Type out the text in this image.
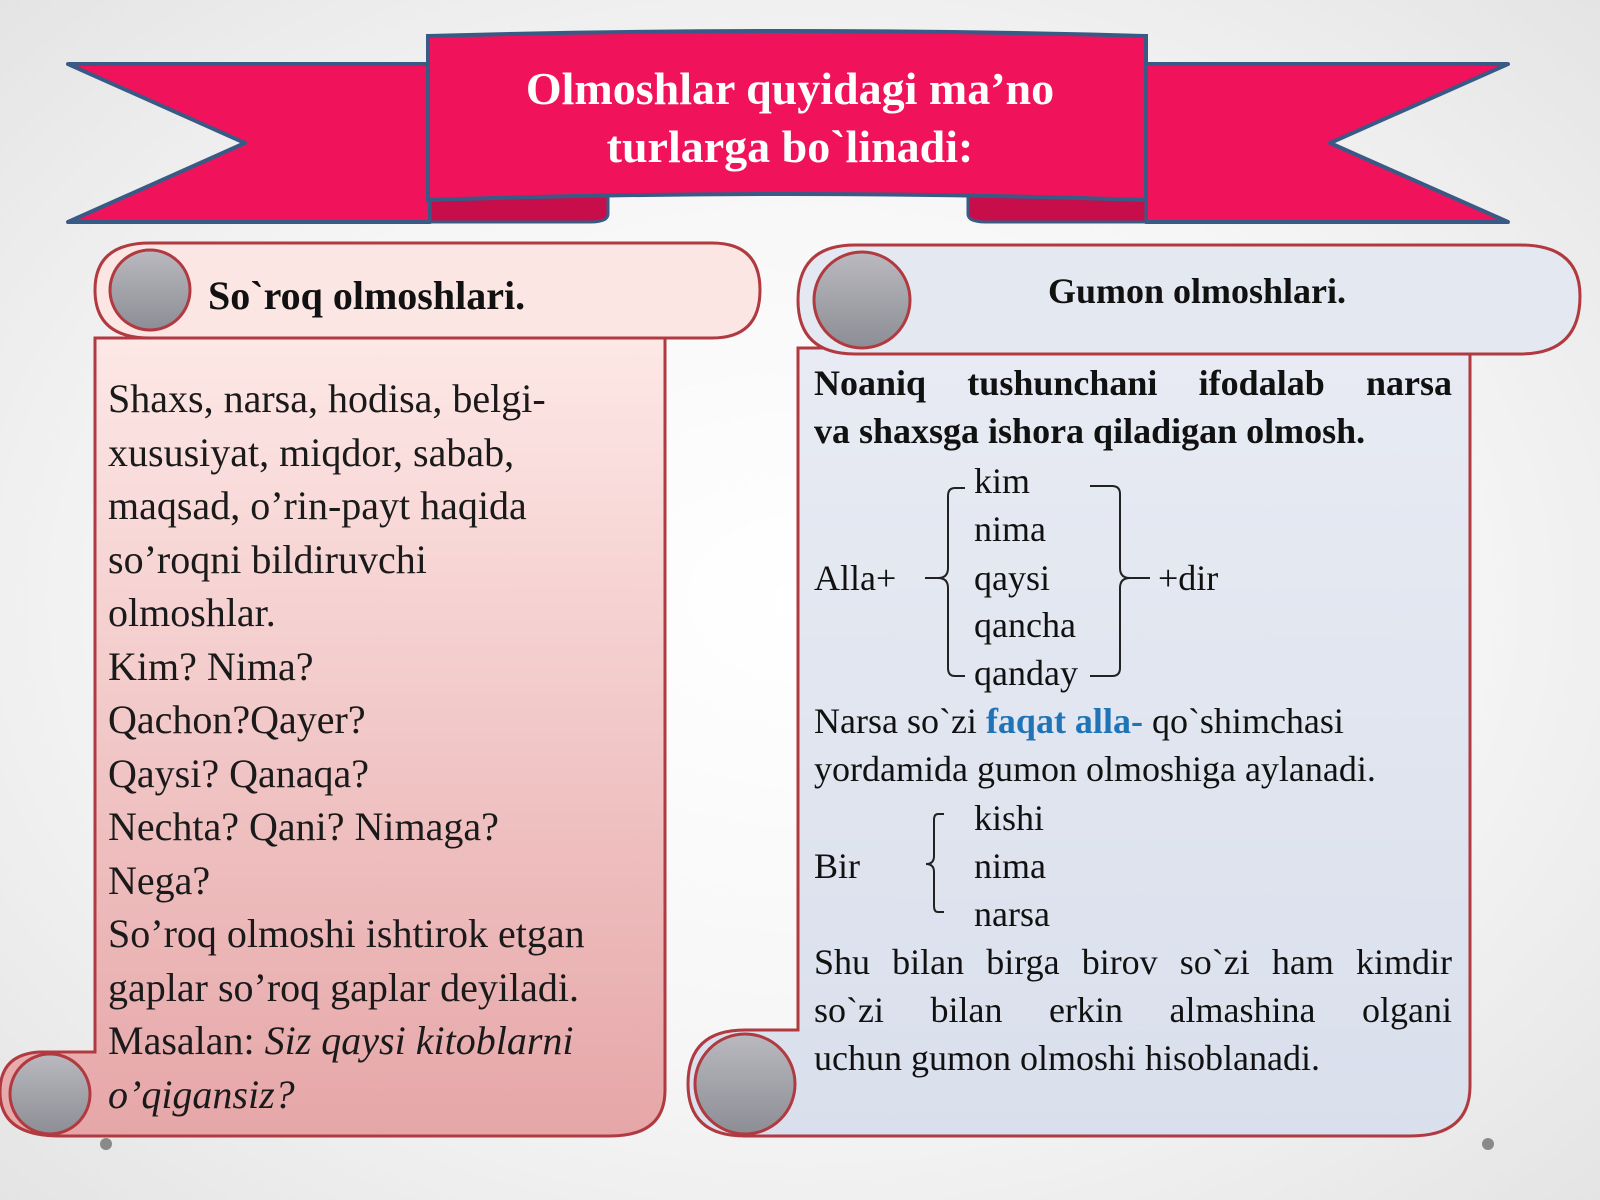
Olmoshlar quyidagi ma’no
turlarga bo`linadi:
So`roq olmoshlari.
Shaxs, narsa, hodisa, belgi-
xususiyat, miqdor, sabab,
maqsad, o’rin-payt haqida
so’roqni bildiruvchi
olmoshlar.
Kim? Nima?
Qachon?Qayer?
Qaysi? Qanaqa?
Nechta? Qani? Nimaga?
Nega?
So’roq olmoshi ishtirok etgan
gaplar so’roq gaplar deyiladi.
Masalan: Siz qaysi kitoblarni
o’qigansiz?
Gumon olmoshlari.
Noaniq tushunchani ifodalab narsa
va shaxsga ishora qiladigan olmosh.
Alla+
kim
nima
qaysi
qancha
qanday
+dir
Narsa so`zi faqat alla- qo`shimchasi
yordamida gumon olmoshiga aylanadi.
Bir
kishi
nima
narsa
Shu bilan birga birov so`zi ham kimdir
so`zi bilan erkin almashina olgani
uchun gumon olmoshi hisoblanadi.
